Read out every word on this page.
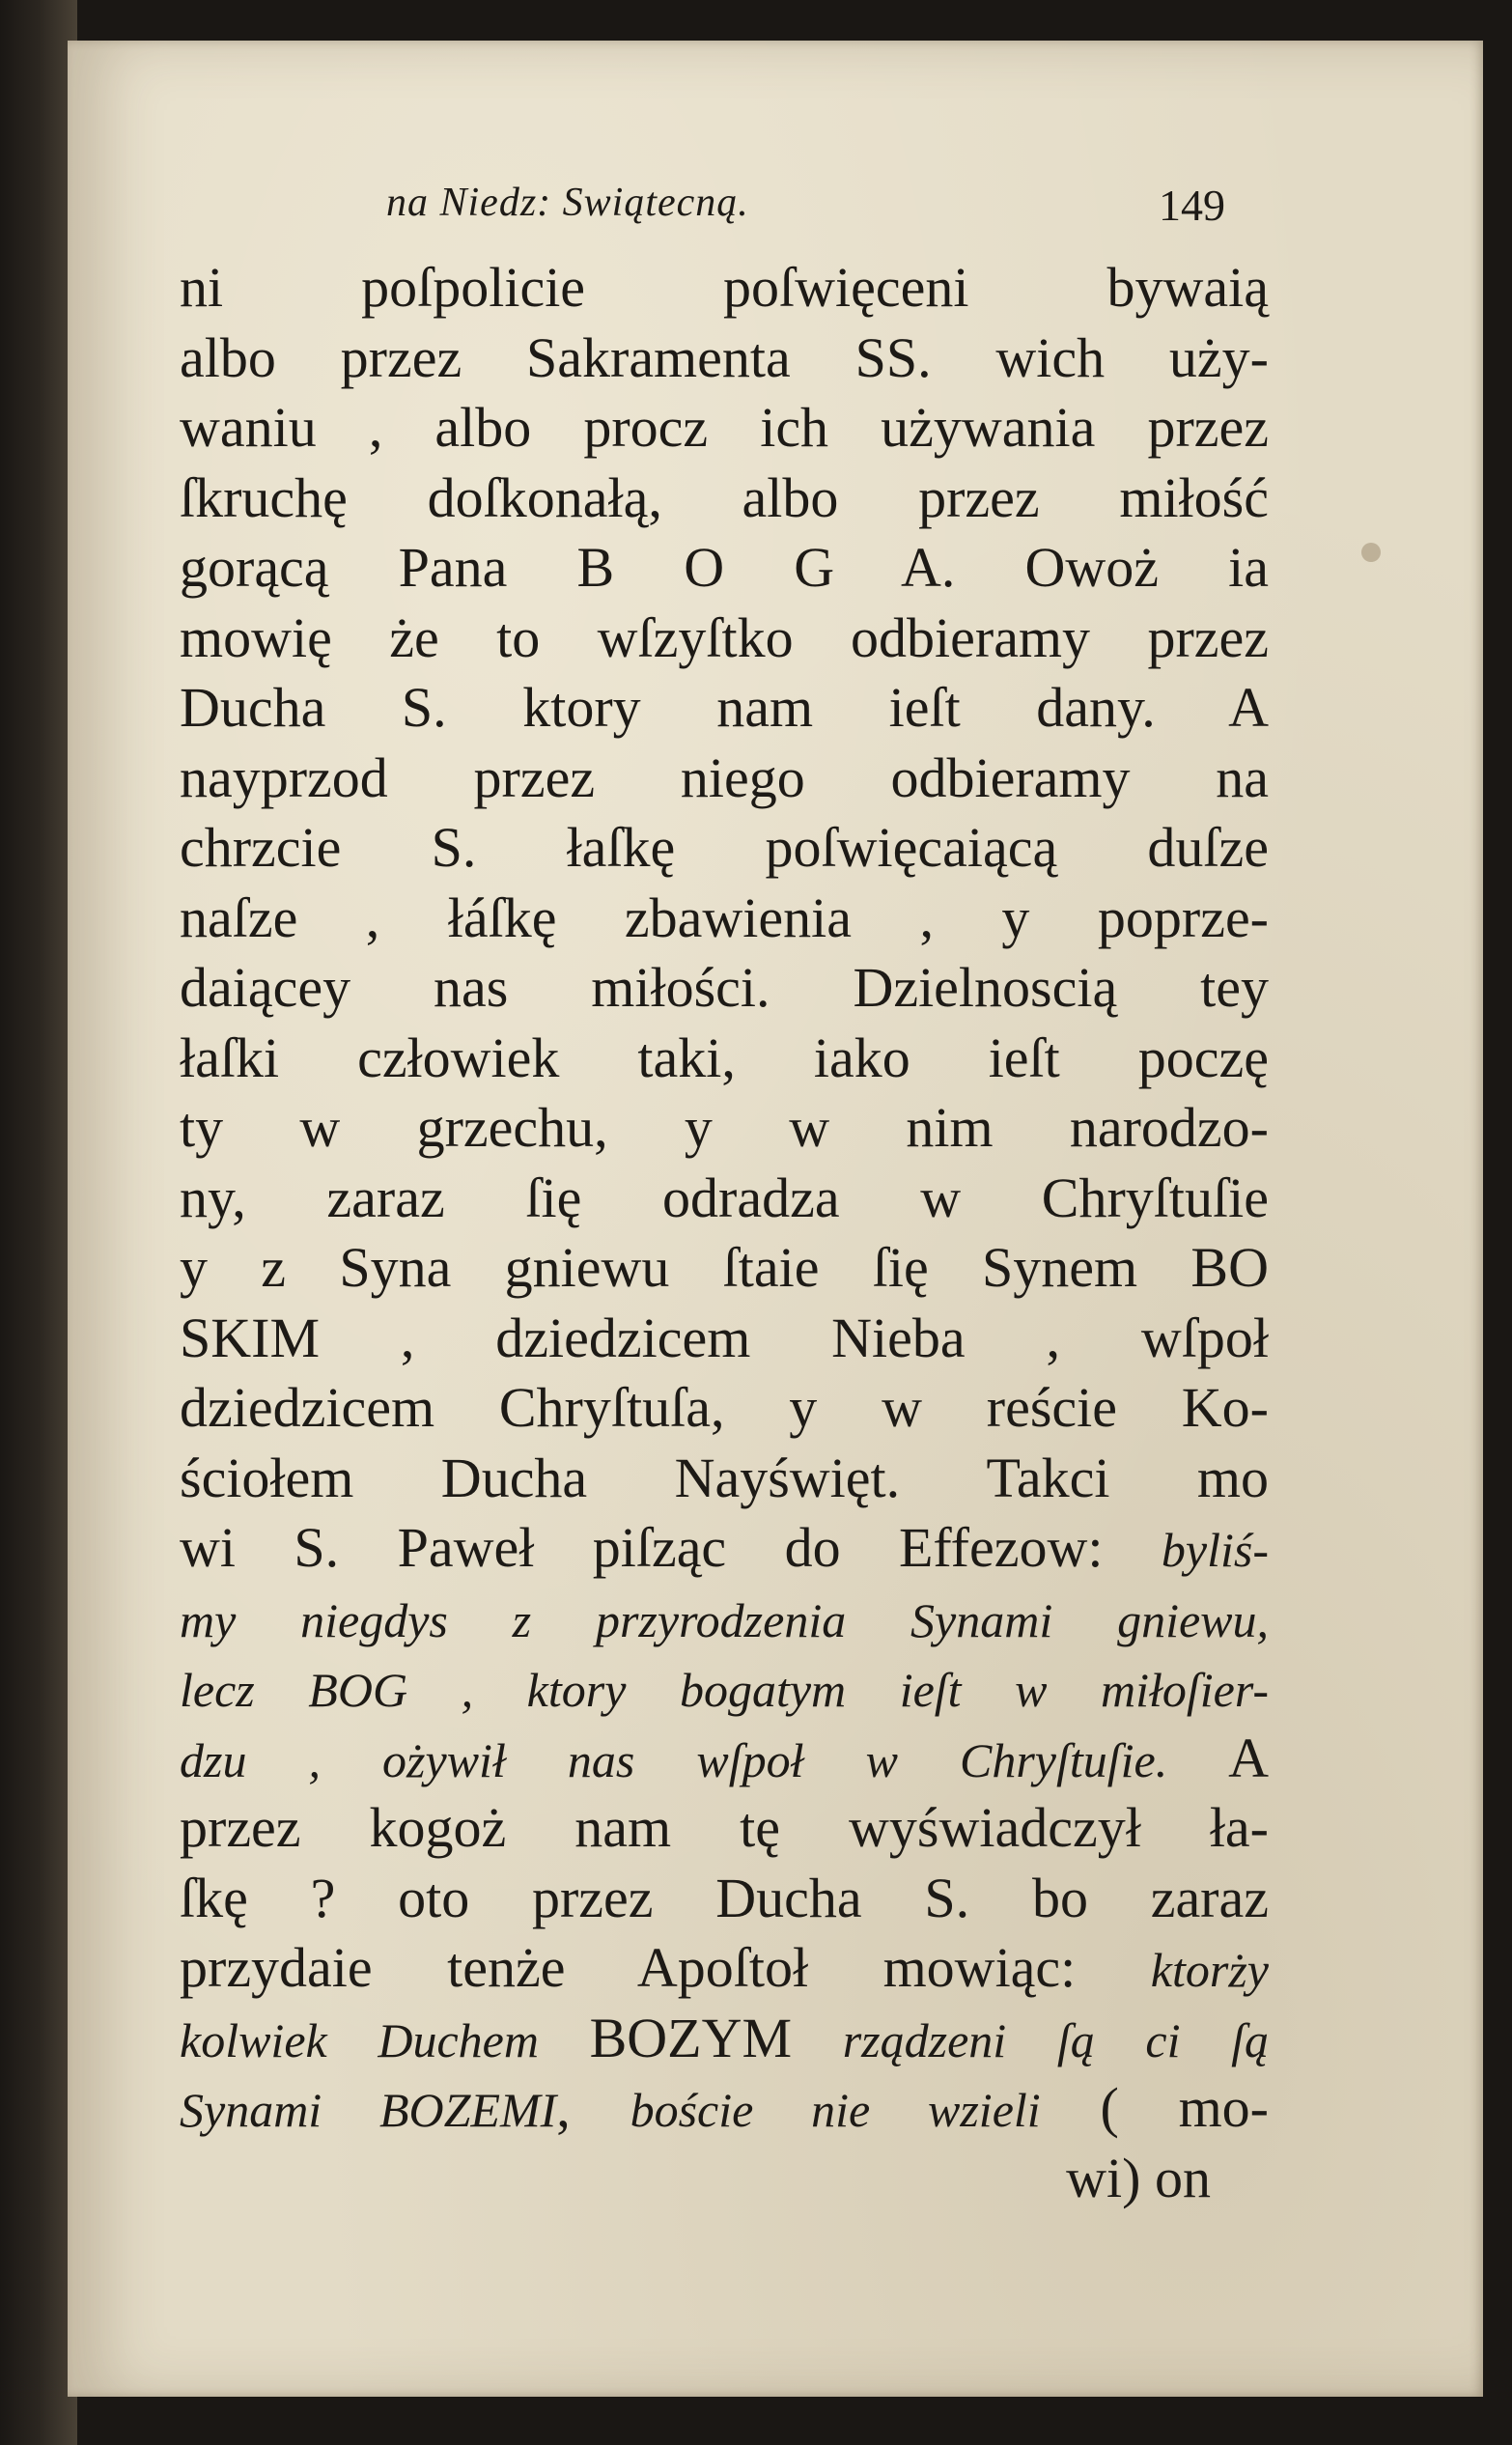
na Niedz: Swiątecną.	149
ni poſpolicie poſwięceni bywaią
albo przez Sakramenta SS. wich uży-
waniu , albo procz ich używania przez
ſkruchę doſkonałą, albo przez miłość
gorącą Pana B O G A. Owoż ia
mowię że to wſzyſtko odbieramy przez
Ducha S. ktory nam ieſt dany. A
nayprzod przez niego odbieramy na
chrzcie S. łaſkę poſwięcaiącą duſze
naſze , łáſkę zbawienia , y poprze-
daiącey nas miłości. Dzielnoscią tey
łaſki człowiek taki, iako ieſt poczę
ty w grzechu, y w nim narodzo-
ny, zaraz ſię odradza w Chryſtuſie
y z Syna gniewu ſtaie ſię Synem BO
SKIM , dziedzicem Nieba , wſpoł
dziedzicem Chryſtuſa, y w reście Ko-
ściołem Ducha Nayświęt. Takci mo
wi S. Paweł piſząc do Effezow: byliś-
my niegdys z przyrodzenia Synami gniewu,
lecz BOG , ktory bogatym ieſt w miłoſier-
dzu , ożywił nas wſpoł w Chryſtuſie. A
przez kogoż nam tę wyświadczył ła-
ſkę ? oto przez Ducha S. bo zaraz
przydaie tenże Apoſtoł mowiąc: ktorży
kolwiek Duchem BOZYM rządzeni ſą ci ſą
Synami BOZEMI, boście nie wzieli ( mo-
wi) on
